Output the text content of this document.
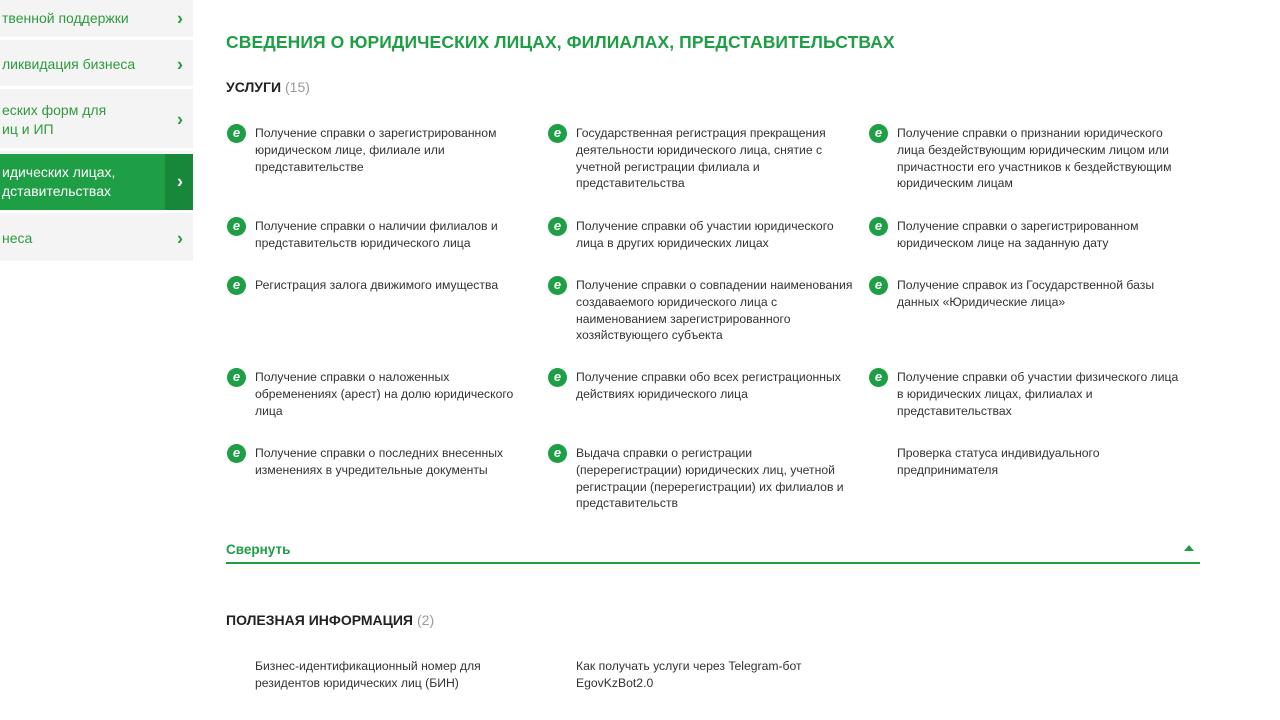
твенной поддержки	›
ликвидация бизнеса ›
еских форм для
иц и ИП	›
идических лицах,
дставительствах	›
неса	›
СВЕДЕНИЯ О ЮРИДИЧЕСКИХ ЛИЦАХ, ФИЛИАЛАХ, ПРЕДСТАВИТЕЛЬСТВАХ
УСЛУГИ (15)
e	Получение справки о зарегистрированном юридическом лице, филиале или представительстве
e	Государственная регистрация прекращения деятельности юридического лица, снятие с учетной регистрации филиала и представительства
e	Получение справки о признании юридического лица бездействующим юридическим лицом или причастности его участников к бездействующим юридическим лицам
e	Получение справки о наличии филиалов и представительств юридического лица
e	Получение справки об участии юридического лица в других юридических лицах
e	Получение справки о зарегистрированном юридическом лице на заданную дату
e	Регистрация залога движимого имущества	e	Получение справки о совпадении наименования создаваемого юридического лица с наименованием зарегистрированного хозяйствующего субъекта
e	Получение справок из Государственной базы данных «Юридические лица»
e	Получение справки о наложенных обременениях (арест) на долю юридического лица
e	Получение справки обо всех регистрационных действиях юридического лица
e	Получение справки об участии физического лица в юридических лицах, филиалах и представительствах
e	Получение справки о последних внесенных изменениях в учредительные документы
e	Выдача справки о регистрации (перерегистрации) юридических лиц, учетной регистрации (перерегистрации) их филиалов и представительств
Проверка статуса индивидуального предпринимателя
Свернуть
ПОЛЕЗНАЯ ИНФОРМАЦИЯ (2)
Бизнес-идентификационный номер для резидентов юридических лиц (БИН)
Как получать услуги через Telegram-бот EgovKzBot2.0
